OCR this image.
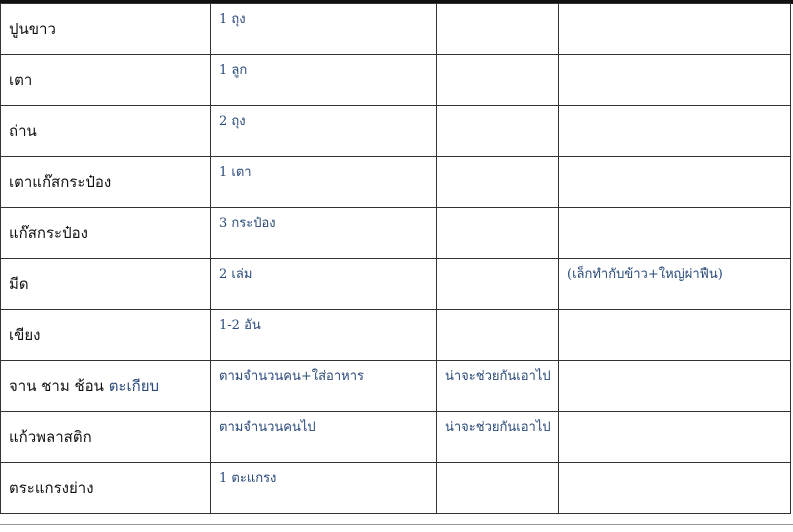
ปูนขาว	1 ถุง		
เตา	1 ลูก		
ถ่าน	2 ถุง		
เตาแก๊สกระป๋อง	1 เตา		
แก๊สกระป๋อง	3 กระป๋อง		
มีด	2 เล่ม		(เล็กทำกับข้าว+ใหญ่ผ่าฟืน)
เขียง	1-2 อัน		
จาน ชาม ช้อน ตะเกียบ	ตามจำนวนคน+ใส่อาหาร	น่าจะช่วยกันเอาไป	
แก้วพลาสติก	ตามจำนวนคนไป	น่าจะช่วยกันเอาไป	
ตระแกรงย่าง	1 ตะแกรง		
